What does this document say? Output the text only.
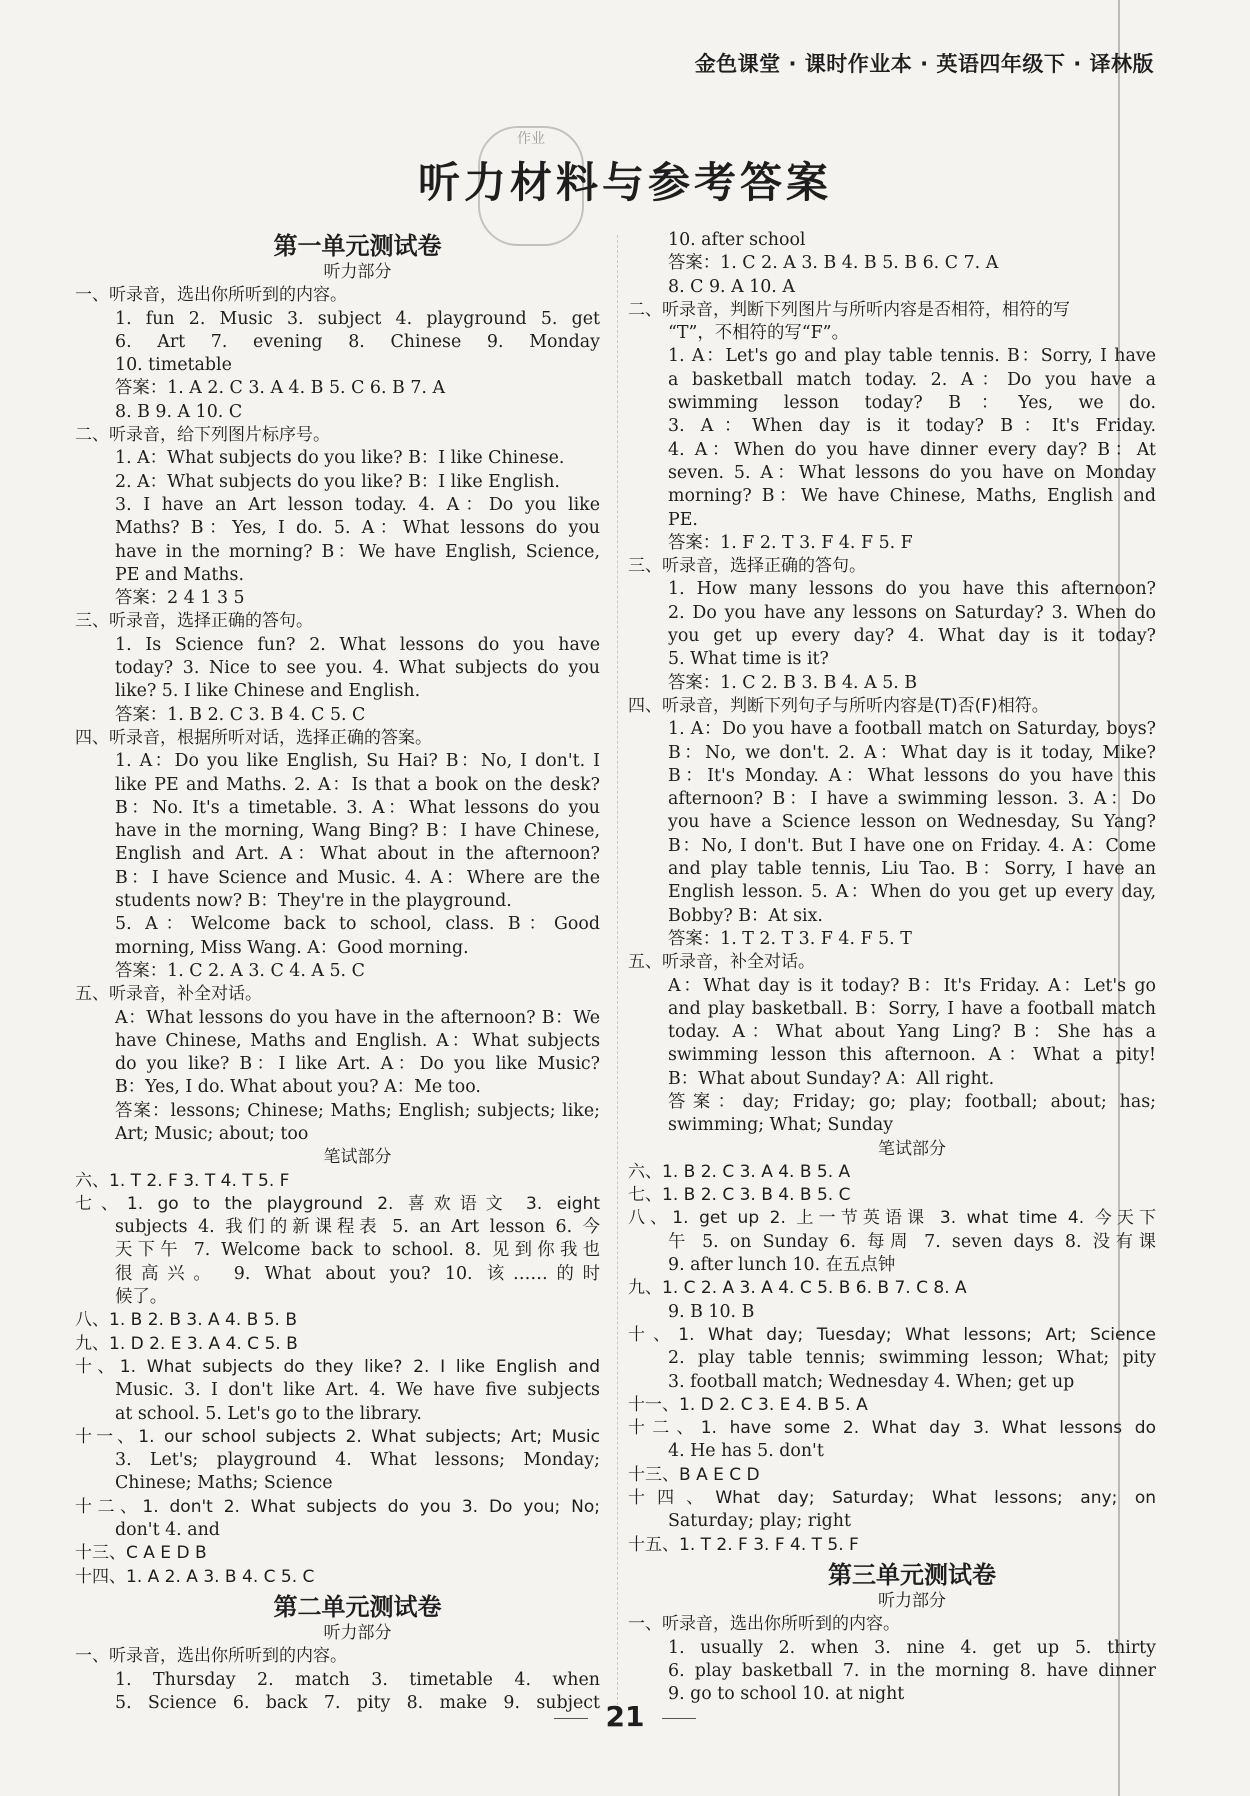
金色课堂 · 课时作业本 · 英语四年级下 · 译林版
作业
听力材料与参考答案
第一单元测试卷
听力部分
一、听录音，选出你所听到的内容。
1. fun 2. Music 3. subject 4. playground 5. get
6. Art 7. evening 8. Chinese 9. Monday
10. timetable
答案：1. A 2. C 3. A 4. B 5. C 6. B 7. A
8. B 9. A 10. C
二、听录音，给下列图片标序号。
1. A：What subjects do you like? B：I like Chinese.
2. A：What subjects do you like? B：I like English.
3. I have an Art lesson today. 4. A：Do you like
Maths? B：Yes, I do. 5. A：What lessons do you
have in the morning? B：We have English, Science,
PE and Maths.
答案：2 4 1 3 5
三、听录音，选择正确的答句。
1. Is Science fun? 2. What lessons do you have
today? 3. Nice to see you. 4. What subjects do you
like? 5. I like Chinese and English.
答案：1. B 2. C 3. B 4. C 5. C
四、听录音，根据所听对话，选择正确的答案。
1. A：Do you like English, Su Hai? B：No, I don't. I
like PE and Maths. 2. A：Is that a book on the desk?
B：No. It's a timetable. 3. A：What lessons do you
have in the morning, Wang Bing? B：I have Chinese,
English and Art. A：What about in the afternoon?
B：I have Science and Music. 4. A：Where are the
students now? B：They're in the playground.
5. A：Welcome back to school, class. B：Good
morning, Miss Wang. A：Good morning.
答案：1. C 2. A 3. C 4. A 5. C
五、听录音，补全对话。
A：What lessons do you have in the afternoon? B：We
have Chinese, Maths and English. A：What subjects
do you like? B：I like Art. A：Do you like Music?
B：Yes, I do. What about you? A：Me too.
答案：lessons; Chinese; Maths; English; subjects; like;
Art; Music; about; too
笔试部分
六、1. T 2. F 3. T 4. T 5. F
七、1. go to the playground 2. 喜欢语文 3. eight
subjects 4. 我们的新课程表 5. an Art lesson 6. 今
天下午 7. Welcome back to school. 8. 见到你我也
很高兴。 9. What about you? 10. 该……的时
候了。
八、1. B 2. B 3. A 4. B 5. B
九、1. D 2. E 3. A 4. C 5. B
十、1. What subjects do they like? 2. I like English and
Music. 3. I don't like Art. 4. We have five subjects
at school. 5. Let's go to the library.
十一、1. our school subjects 2. What subjects; Art; Music
3. Let's; playground 4. What lessons; Monday;
Chinese; Maths; Science
十二、1. don't 2. What subjects do you 3. Do you; No;
don't 4. and
十三、C A E D B
十四、1. A 2. A 3. B 4. C 5. C
第二单元测试卷
听力部分
一、听录音，选出你所听到的内容。
1. Thursday 2. match 3. timetable 4. when
5. Science 6. back 7. pity 8. make 9. subject
10. after school
答案：1. C 2. A 3. B 4. B 5. B 6. C 7. A
8. C 9. A 10. A
二、听录音，判断下列图片与所听内容是否相符，相符的写
“T”，不相符的写“F”。
1. A：Let's go and play table tennis. B：Sorry, I have
a basketball match today. 2. A：Do you have a
swimming lesson today? B：Yes, we do.
3. A：When day is it today? B：It's Friday.
4. A：When do you have dinner every day? B：At
seven. 5. A：What lessons do you have on Monday
morning? B：We have Chinese, Maths, English and
PE.
答案：1. F 2. T 3. F 4. F 5. F
三、听录音，选择正确的答句。
1. How many lessons do you have this afternoon?
2. Do you have any lessons on Saturday? 3. When do
you get up every day? 4. What day is it today?
5. What time is it?
答案：1. C 2. B 3. B 4. A 5. B
四、听录音，判断下列句子与所听内容是(T)否(F)相符。
1. A：Do you have a football match on Saturday, boys?
B：No, we don't. 2. A：What day is it today, Mike?
B：It's Monday. A：What lessons do you have this
afternoon? B：I have a swimming lesson. 3. A：Do
you have a Science lesson on Wednesday, Su Yang?
B：No, I don't. But I have one on Friday. 4. A：Come
and play table tennis, Liu Tao. B：Sorry, I have an
English lesson. 5. A：When do you get up every day,
Bobby? B：At six.
答案：1. T 2. T 3. F 4. F 5. T
五、听录音，补全对话。
A：What day is it today? B：It's Friday. A：Let's go
and play basketball. B：Sorry, I have a football match
today. A：What about Yang Ling? B：She has a
swimming lesson this afternoon. A：What a pity!
B：What about Sunday? A：All right.
答案：day; Friday; go; play; football; about; has;
swimming; What; Sunday
笔试部分
六、1. B 2. C 3. A 4. B 5. A
七、1. B 2. C 3. B 4. B 5. C
八、1. get up 2. 上一节英语课 3. what time 4. 今天下
午 5. on Sunday 6. 每周 7. seven days 8. 没有课
9. after lunch 10. 在五点钟
九、1. C 2. A 3. A 4. C 5. B 6. B 7. C 8. A
9. B 10. B
十、1. What day; Tuesday; What lessons; Art; Science
2. play table tennis; swimming lesson; What; pity
3. football match; Wednesday 4. When; get up
十一、1. D 2. C 3. E 4. B 5. A
十二、1. have some 2. What day 3. What lessons do
4. He has 5. don't
十三、B A E C D
十四、What day; Saturday; What lessons; any; on
Saturday; play; right
十五、1. T 2. F 3. F 4. T 5. F
第三单元测试卷
听力部分
一、听录音，选出你所听到的内容。
1. usually 2. when 3. nine 4. get up 5. thirty
6. play basketball 7. in the morning 8. have dinner
9. go to school 10. at night
21
